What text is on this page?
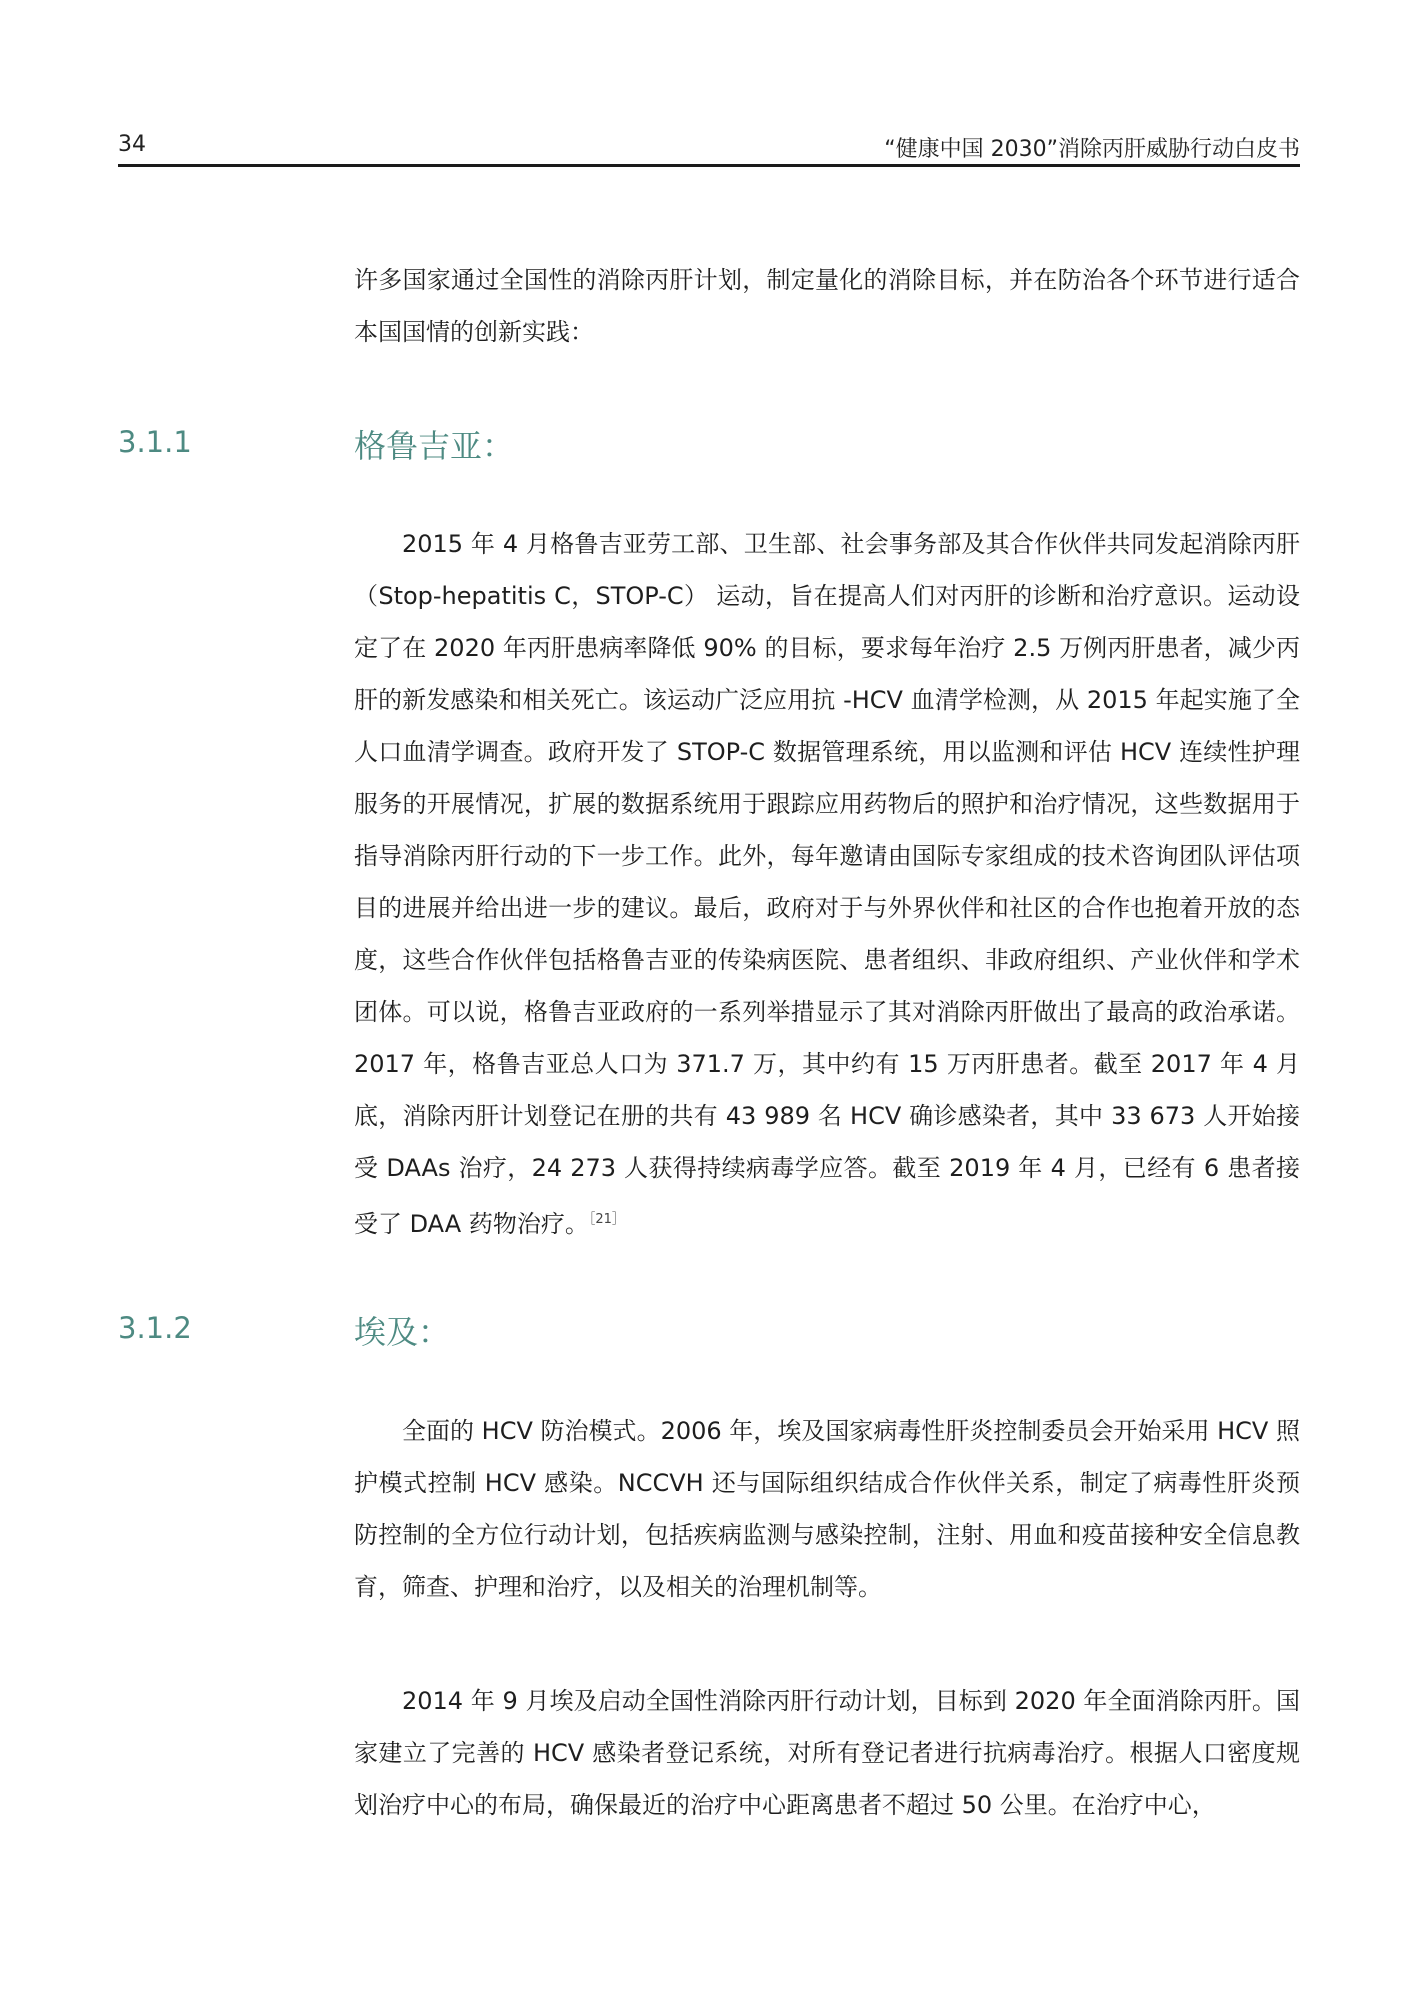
34	“健康中国 2030”消除丙肝威胁行动白皮书

许多国家通过全国性的消除丙肝计划，制定量化的消除目标，并在防治各个环节进行适合本国国情的创新实践：

3.1.1	格鲁吉亚：

2015 年 4 月格鲁吉亚劳工部、卫生部、社会事务部及其合作伙伴共同发起消除丙肝 （Stop-hepatitis C，STOP-C） 运动，旨在提高人们对丙肝的诊断和治疗意识。运动设定了在 2020 年丙肝患病率降低 90% 的目标，要求每年治疗 2.5 万例丙肝患者，减少丙肝的新发感染和相关死亡。该运动广泛应用抗 -HCV 血清学检测，从 2015 年起实施了全人口血清学调查。政府开发了 STOP-C 数据管理系统，用以监测和评估 HCV 连续性护理服务的开展情况，扩展的数据系统用于跟踪应用药物后的照护和治疗情况，这些数据用于指导消除丙肝行动的下一步工作。此外，每年邀请由国际专家组成的技术咨询团队评估项目的进展并给出进一步的建议。最后，政府对于与外界伙伴和社区的合作也抱着开放的态度，这些合作伙伴包括格鲁吉亚的传染病医院、患者组织、非政府组织、产业伙伴和学术团体。可以说，格鲁吉亚政府的一系列举措显示了其对消除丙肝做出了最高的政治承诺。2017 年，格鲁吉亚总人口为 371.7 万，其中约有 15 万丙肝患者。截至 2017 年 4 月底，消除丙肝计划登记在册的共有 43 989 名 HCV 确诊感染者，其中 33 673 人开始接受 DAAs 治疗，24 273 人获得持续病毒学应答。截至 2019 年 4 月，已经有 6 患者接受了 DAA 药物治疗。$^{[21]}$

3.1.2	埃及：

全面的 HCV 防治模式。2006 年，埃及国家病毒性肝炎控制委员会开始采用 HCV 照护模式控制 HCV 感染。NCCVH 还与国际组织结成合作伙伴关系，制定了病毒性肝炎预防控制的全方位行动计划，包括疾病监测与感染控制，注射、用血和疫苗接种安全信息教育，筛查、护理和治疗，以及相关的治理机制等。

2014 年 9 月埃及启动全国性消除丙肝行动计划，目标到 2020 年全面消除丙肝。国家建立了完善的 HCV 感染者登记系统，对所有登记者进行抗病毒治疗。根据人口密度规划治疗中心的布局，确保最近的治疗中心距离患者不超过 50 公里。在治疗中心，
